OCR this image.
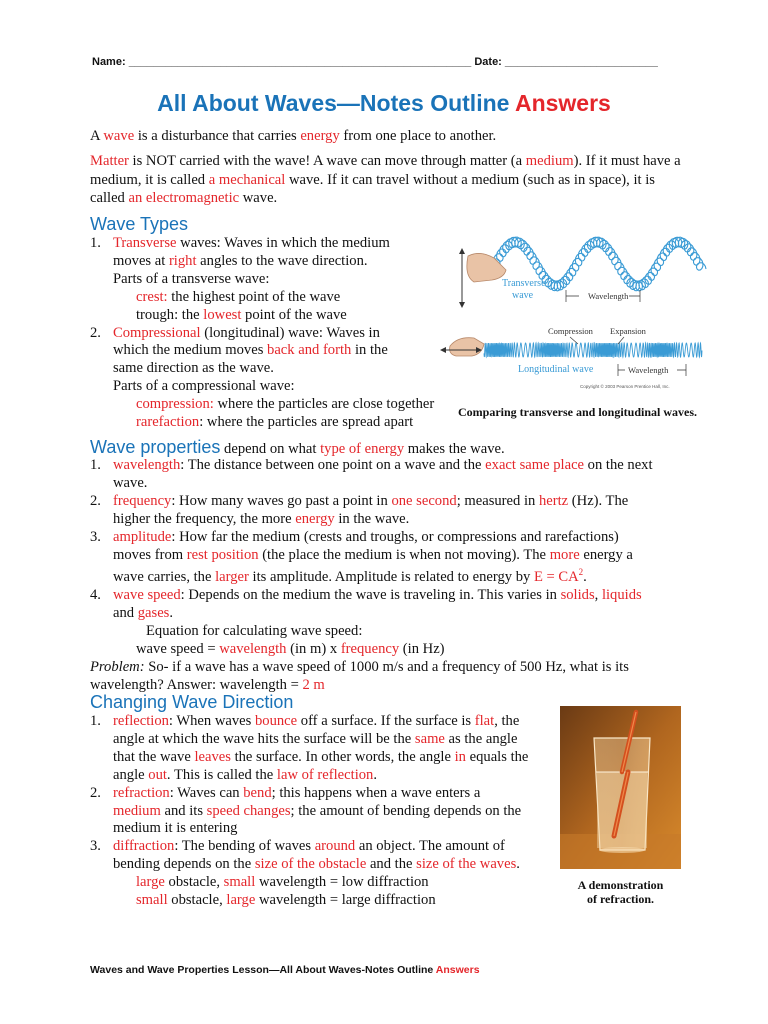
Name: ________________________________________________________ Date: _________________________
All About Waves—Notes Outline Answers
A wave is a disturbance that carries energy from one place to another.
Matter is NOT carried with the wave! A wave can move through matter (a medium). If it must have a medium, it is called a mechanical wave. If it can travel without a medium (such as in space), it is called an electromagnetic wave.
Wave Types
1. Transverse waves: Waves in which the medium
moves at right angles to the wave direction.
Parts of a transverse wave:
crest: the highest point of the wave
trough: the lowest point of the wave
2. Compressional (longitudinal) wave: Waves in
which the medium moves back and forth in the
same direction as the wave.
Parts of a compressional wave:
compression: where the particles are close together
rarefaction: where the particles are spread apart
Transverse
wave	Wavelength
Compression Expansion
Longitudinal wave	Wavelength
Copyright © 2003 Pearson Prentice Hall, Inc.
Comparing transverse and longitudinal waves.
Wave properties depend on what type of energy makes the wave.
1. wavelength: The distance between one point on a wave and the exact same place on the next
wave.
2. frequency: How many waves go past a point in one second; measured in hertz (Hz). The
higher the frequency, the more energy in the wave.
3. amplitude: How far the medium (crests and troughs, or compressions and rarefactions)
moves from rest position (the place the medium is when not moving). The more energy a
wave carries, the larger its amplitude. Amplitude is related to energy by $E = CA^2$.
4. wave speed: Depends on the medium the wave is traveling in. This varies in solids, liquids
and gases.
Equation for calculating wave speed:
wave speed = wavelength (in m) x frequency (in Hz)
Problem: So- if a wave has a wave speed of 1000 m/s and a frequency of 500 Hz, what is its
wavelength? Answer: wavelength = 2 m
Changing Wave Direction
1. reflection: When waves bounce off a surface. If the surface is flat, the
angle at which the wave hits the surface will be the same as the angle
that the wave leaves the surface. In other words, the angle in equals the
angle out. This is called the law of reflection.
2. refraction: Waves can bend; this happens when a wave enters a
medium and its speed changes; the amount of bending depends on the
medium it is entering
3. diffraction: The bending of waves around an object. The amount of
bending depends on the size of the obstacle and the size of the waves.
large obstacle, small wavelength = low diffraction
small obstacle, large wavelength = large diffraction
A demonstration
of refraction.
Waves and Wave Properties Lesson—All About Waves-Notes Outline Answers
